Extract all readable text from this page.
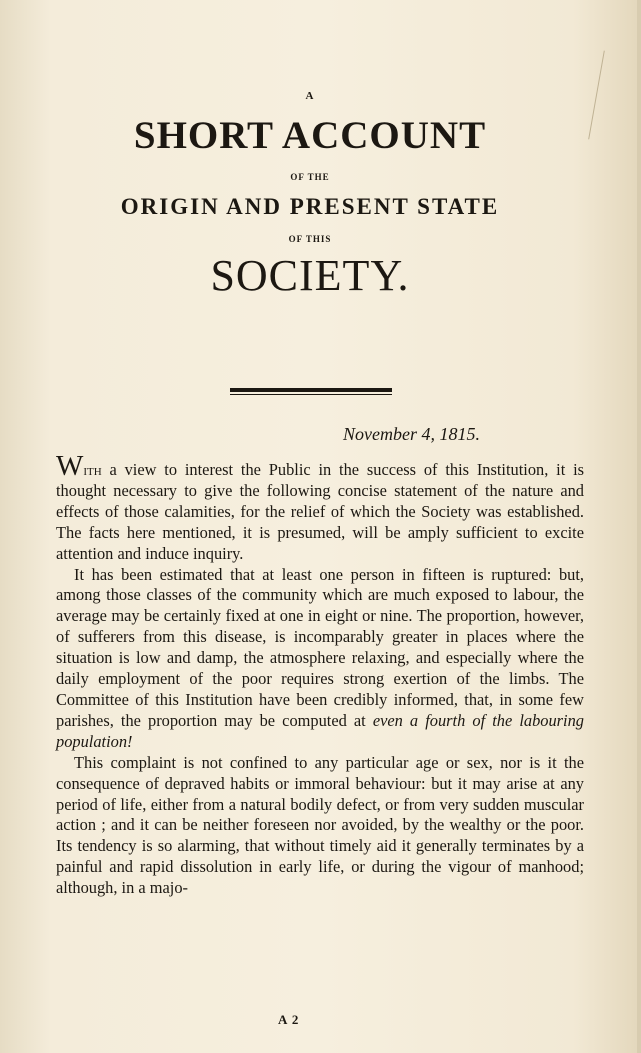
A
SHORT ACCOUNT
OF THE
ORIGIN AND PRESENT STATE
OF THIS
SOCIETY.
November 4, 1815.

With a view to interest the Public in the success of this Institution, it is thought necessary to give the following concise statement of the nature and effects of those calamities, for the relief of which the Society was established. The facts here mentioned, it is presumed, will be amply sufficient to excite attention and induce inquiry.

It has been estimated that at least one person in fifteen is ruptured: but, among those classes of the community which are much exposed to labour, the average may be certainly fixed at one in eight or nine. The proportion, however, of sufferers from this disease, is incomparably greater in places where the situation is low and damp, the atmosphere relaxing, and especially where the daily employment of the poor requires strong exertion of the limbs. The Committee of this Institution have been credibly informed, that, in some few parishes, the proportion may be computed at even a fourth of the labouring population!

This complaint is not confined to any particular age or sex, nor is it the consequence of depraved habits or immoral behaviour: but it may arise at any period of life, either from a natural bodily defect, or from very sudden muscular action ; and it can be neither foreseen nor avoided, by the wealthy or the poor. Its tendency is so alarming, that without timely aid it generally terminates by a painful and rapid dissolution in early life, or during the vigour of manhood; although, in a majo-

A 2
